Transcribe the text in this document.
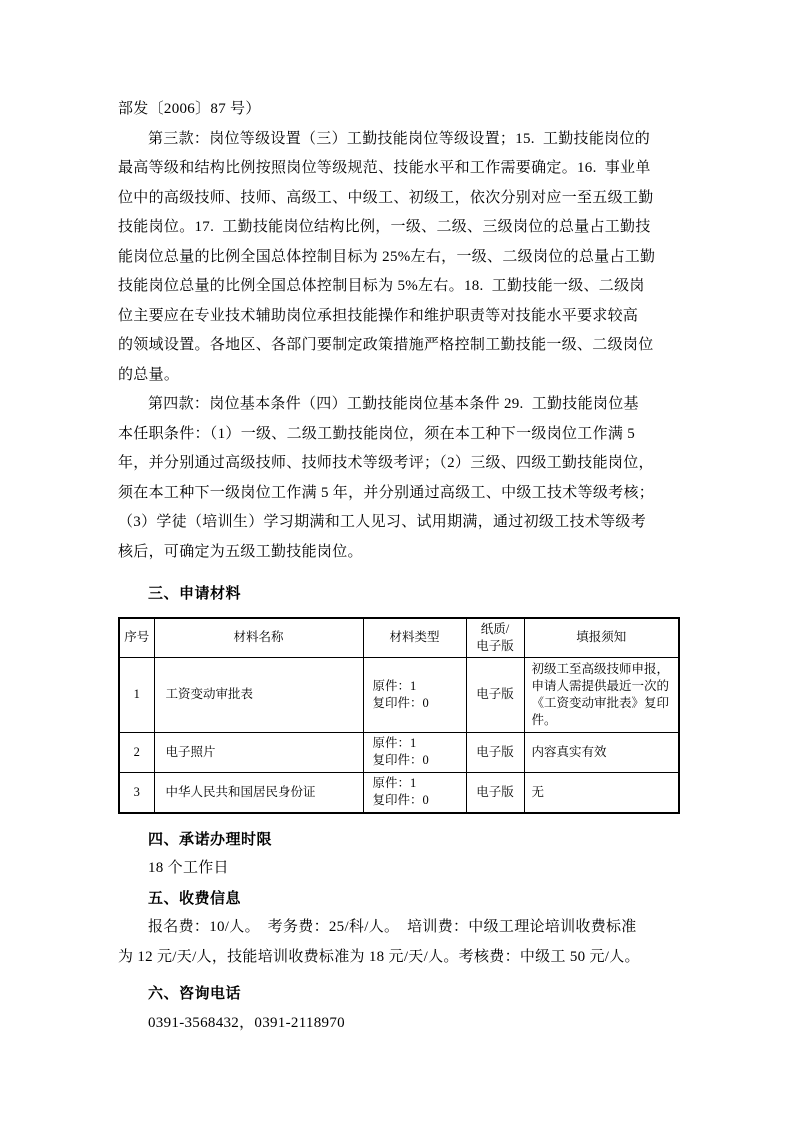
部发〔2006〕87 号）
第三款：岗位等级设置（三）工勤技能岗位等级设置；15.  工勤技能岗位的
最高等级和结构比例按照岗位等级规范、技能水平和工作需要确定。16.  事业单
位中的高级技师、技师、高级工、中级工、初级工，依次分别对应一至五级工勤
技能岗位。17.  工勤技能岗位结构比例，一级、二级、三级岗位的总量占工勤技
能岗位总量的比例全国总体控制目标为 25%左右，一级、二级岗位的总量占工勤
技能岗位总量的比例全国总体控制目标为 5%左右。18.  工勤技能一级、二级岗
位主要应在专业技术辅助岗位承担技能操作和维护职责等对技能水平要求较高
的领域设置。各地区、各部门要制定政策措施严格控制工勤技能一级、二级岗位
的总量。
第四款：岗位基本条件（四）工勤技能岗位基本条件 29.  工勤技能岗位基
本任职条件：（1）一级、二级工勤技能岗位，须在本工种下一级岗位工作满 5
年，并分别通过高级技师、技师技术等级考评；（2）三级、四级工勤技能岗位，
须在本工种下一级岗位工作满 5 年，并分别通过高级工、中级工技术等级考核；
（3）学徒（培训生）学习期满和工人见习、试用期满，通过初级工技术等级考
核后，可确定为五级工勤技能岗位。
三、申请材料
序号	材料名称	材料类型	纸质/
电子版	填报须知
1	工资变动审批表	原件：1
复印件：0	电子版	初级工至高级技师申报，申请人需提供最近一次的《工资变动审批表》复印件。
2	电子照片	原件：1
复印件：0	电子版	内容真实有效
3	中华人民共和国居民身份证	原件：1
复印件：0	电子版	无
四、承诺办理时限
18 个工作日
五、收费信息
报名费：10/人。　考务费：25/科/人。　培训费：中级工理论培训收费标准
为 12 元/天/人，技能培训收费标准为 18 元/天/人。考核费：中级工 50 元/人。
六、咨询电话
0391-3568432，0391-2118970
